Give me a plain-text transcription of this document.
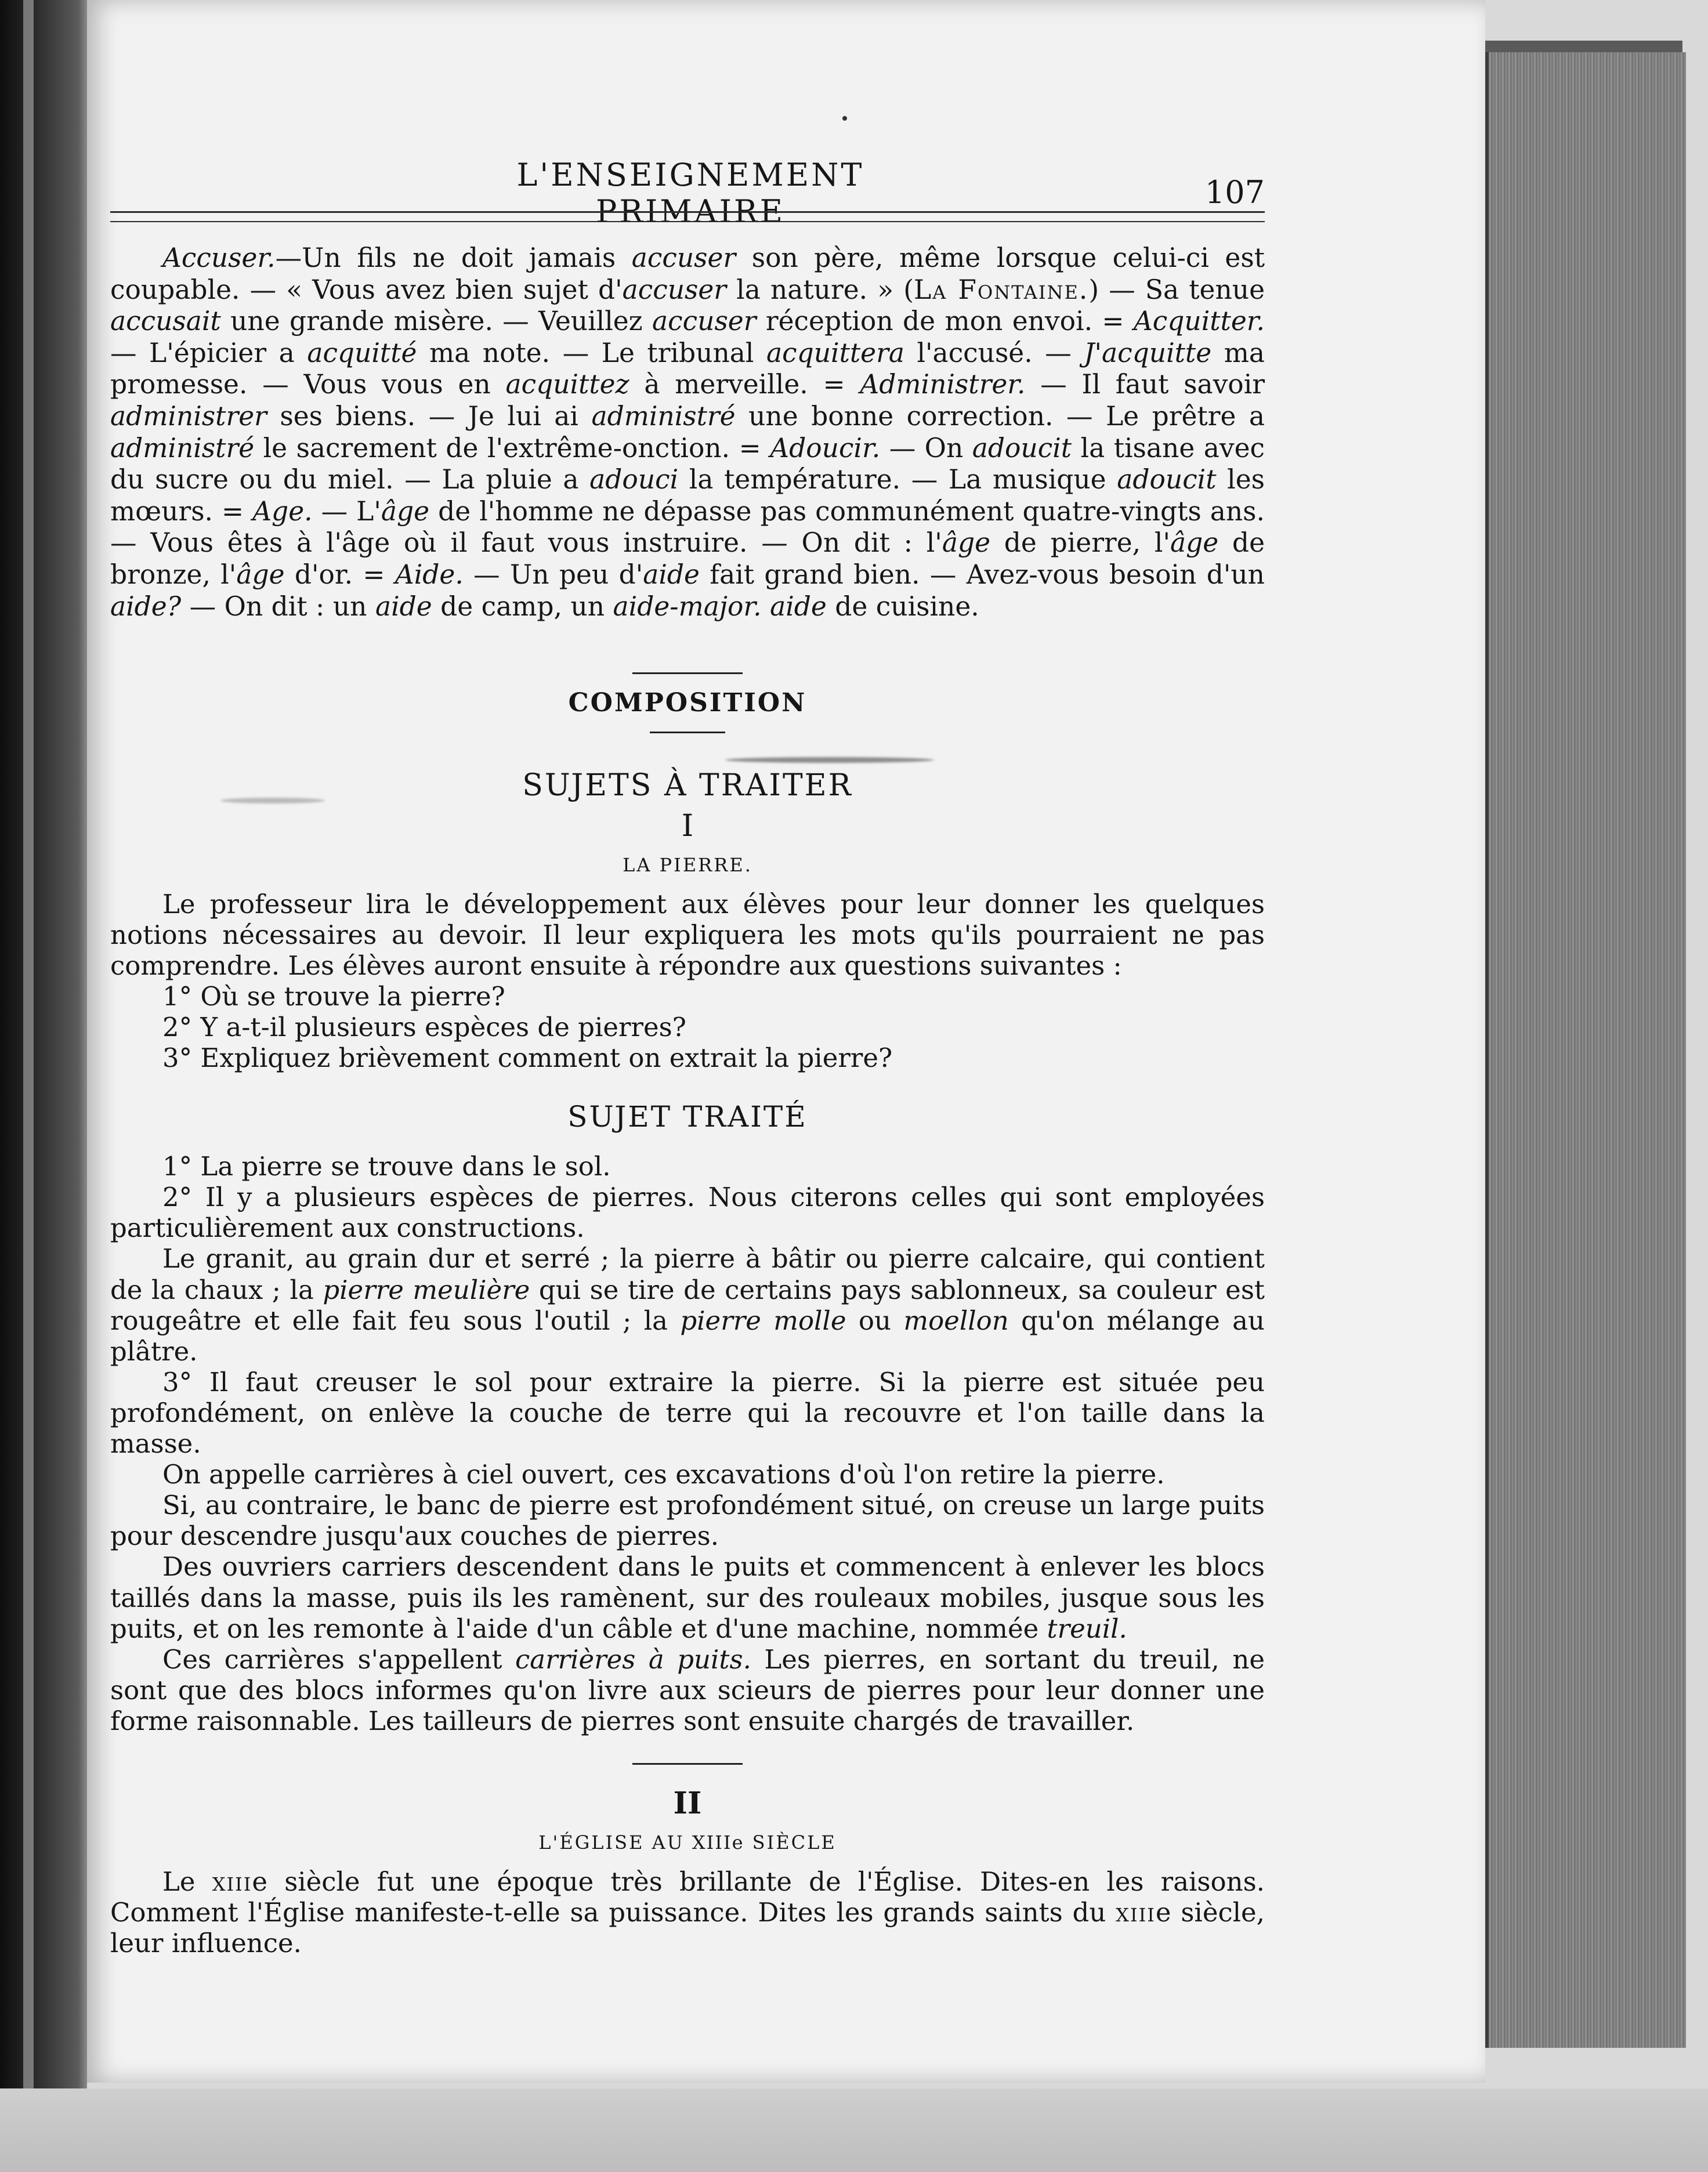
L'ENSEIGNEMENT PRIMAIRE
107

Accuser.—Un fils ne doit jamais accuser son père, même lorsque celui-ci est coupable. — « Vous avez bien sujet d'accuser la nature. » (La Fontaine.) — Sa tenue accusait une grande misère. — Veuillez accuser réception de mon envoi. = Acquitter. — L'épicier a acquitté ma note. — Le tribunal acquittera l'accusé. — J'acquitte ma promesse. — Vous vous en acquittez à merveille. = Administrer. — Il faut savoir administrer ses biens. — Je lui ai administré une bonne correction. — Le prêtre a administré le sacrement de l'extrême-onction. = Adoucir. — On adoucit la tisane avec du sucre ou du miel. — La pluie a adouci la température. — La musique adoucit les mœurs. = Age. — L'âge de l'homme ne dépasse pas communément quatre-vingts ans. — Vous êtes à l'âge où il faut vous instruire. — On dit : l'âge de pierre, l'âge de bronze, l'âge d'or. = Aide. — Un peu d'aide fait grand bien. — Avez-vous besoin d'un aide? — On dit : un aide de camp, un aide-major. aide de cuisine.

COMPOSITION
SUJETS À TRAITER
I
LA PIERRE.

Le professeur lira le développement aux élèves pour leur donner les quelques notions nécessaires au devoir. Il leur expliquera les mots qu'ils pourraient ne pas comprendre. Les élèves auront ensuite à répondre aux questions suivantes :

1° Où se trouve la pierre?

2° Y a-t-il plusieurs espèces de pierres?

3° Expliquez brièvement comment on extrait la pierre?

SUJET TRAITÉ

1° La pierre se trouve dans le sol.

2° Il y a plusieurs espèces de pierres. Nous citerons celles qui sont employées particulièrement aux constructions.

Le granit, au grain dur et serré ; la pierre à bâtir ou pierre calcaire, qui contient de la chaux ; la pierre meulière qui se tire de certains pays sablonneux, sa couleur est rougeâtre et elle fait feu sous l'outil ; la pierre molle ou moellon qu'on mélange au plâtre.

3° Il faut creuser le sol pour extraire la pierre. Si la pierre est située peu profondément, on enlève la couche de terre qui la recouvre et l'on taille dans la masse.

On appelle carrières à ciel ouvert, ces excavations d'où l'on retire la pierre.

Si, au contraire, le banc de pierre est profondément situé, on creuse un large puits pour descendre jusqu'aux couches de pierres.

Des ouvriers carriers descendent dans le puits et commencent à enlever les blocs taillés dans la masse, puis ils les ramènent, sur des rouleaux mobiles, jusque sous les puits, et on les remonte à l'aide d'un câble et d'une machine, nommée treuil.

Ces carrières s'appellent carrières à puits. Les pierres, en sortant du treuil, ne sont que des blocs informes qu'on livre aux scieurs de pierres pour leur donner une forme raisonnable. Les tailleurs de pierres sont ensuite chargés de travailler.

II
L'ÉGLISE AU XIIIe SIÈCLE

Le xiiie siècle fut une époque très brillante de l'Église. Dites-en les raisons. Comment l'Église manifeste-t-elle sa puissance. Dites les grands saints du xiiie siècle, leur influence.
